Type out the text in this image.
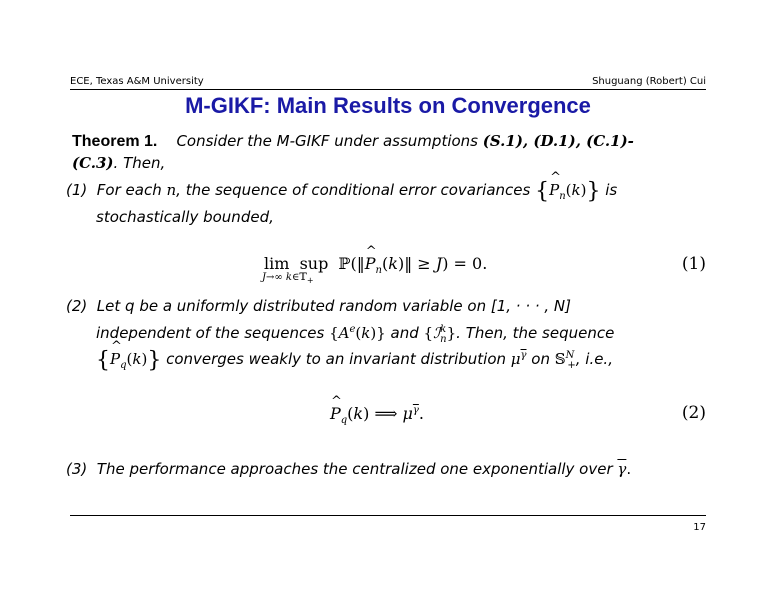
ECE, Texas A&M University	Shuguang (Robert) Cui
M-GIKF: Main Results on Convergence
Theorem 1. Consider the M-GIKF under assumptions (S.1), (D.1), (C.1)-
(C.3). Then,
(1) For each n, the sequence of conditional error covariances {^ $P_n(k)$} is
stochastically bounded,
lim  sup  ℙ(‖^ $P_n(k)‖ \ge J) = 0$.
J→∞ k∈𝕋$_+$
(1)
(2) Let q be a uniformly distributed random variable on [1, · · · , N]
independent of the sequences $\{A^e(k)\}$ and {ℐ$^k_n$}. Then, the sequence
{^ $P_q(k)$} converges weakly to an invariant distribution $\mu^{\overline{\gamma}}$ on 𝕊$^N_+$, i.e.,
^ $P_q(k)$ ⟹ $\mu^{\overline{\gamma}}$.	(2)
(3) The performance approaches the centralized one exponentially over $\overline{\gamma}$.
17
